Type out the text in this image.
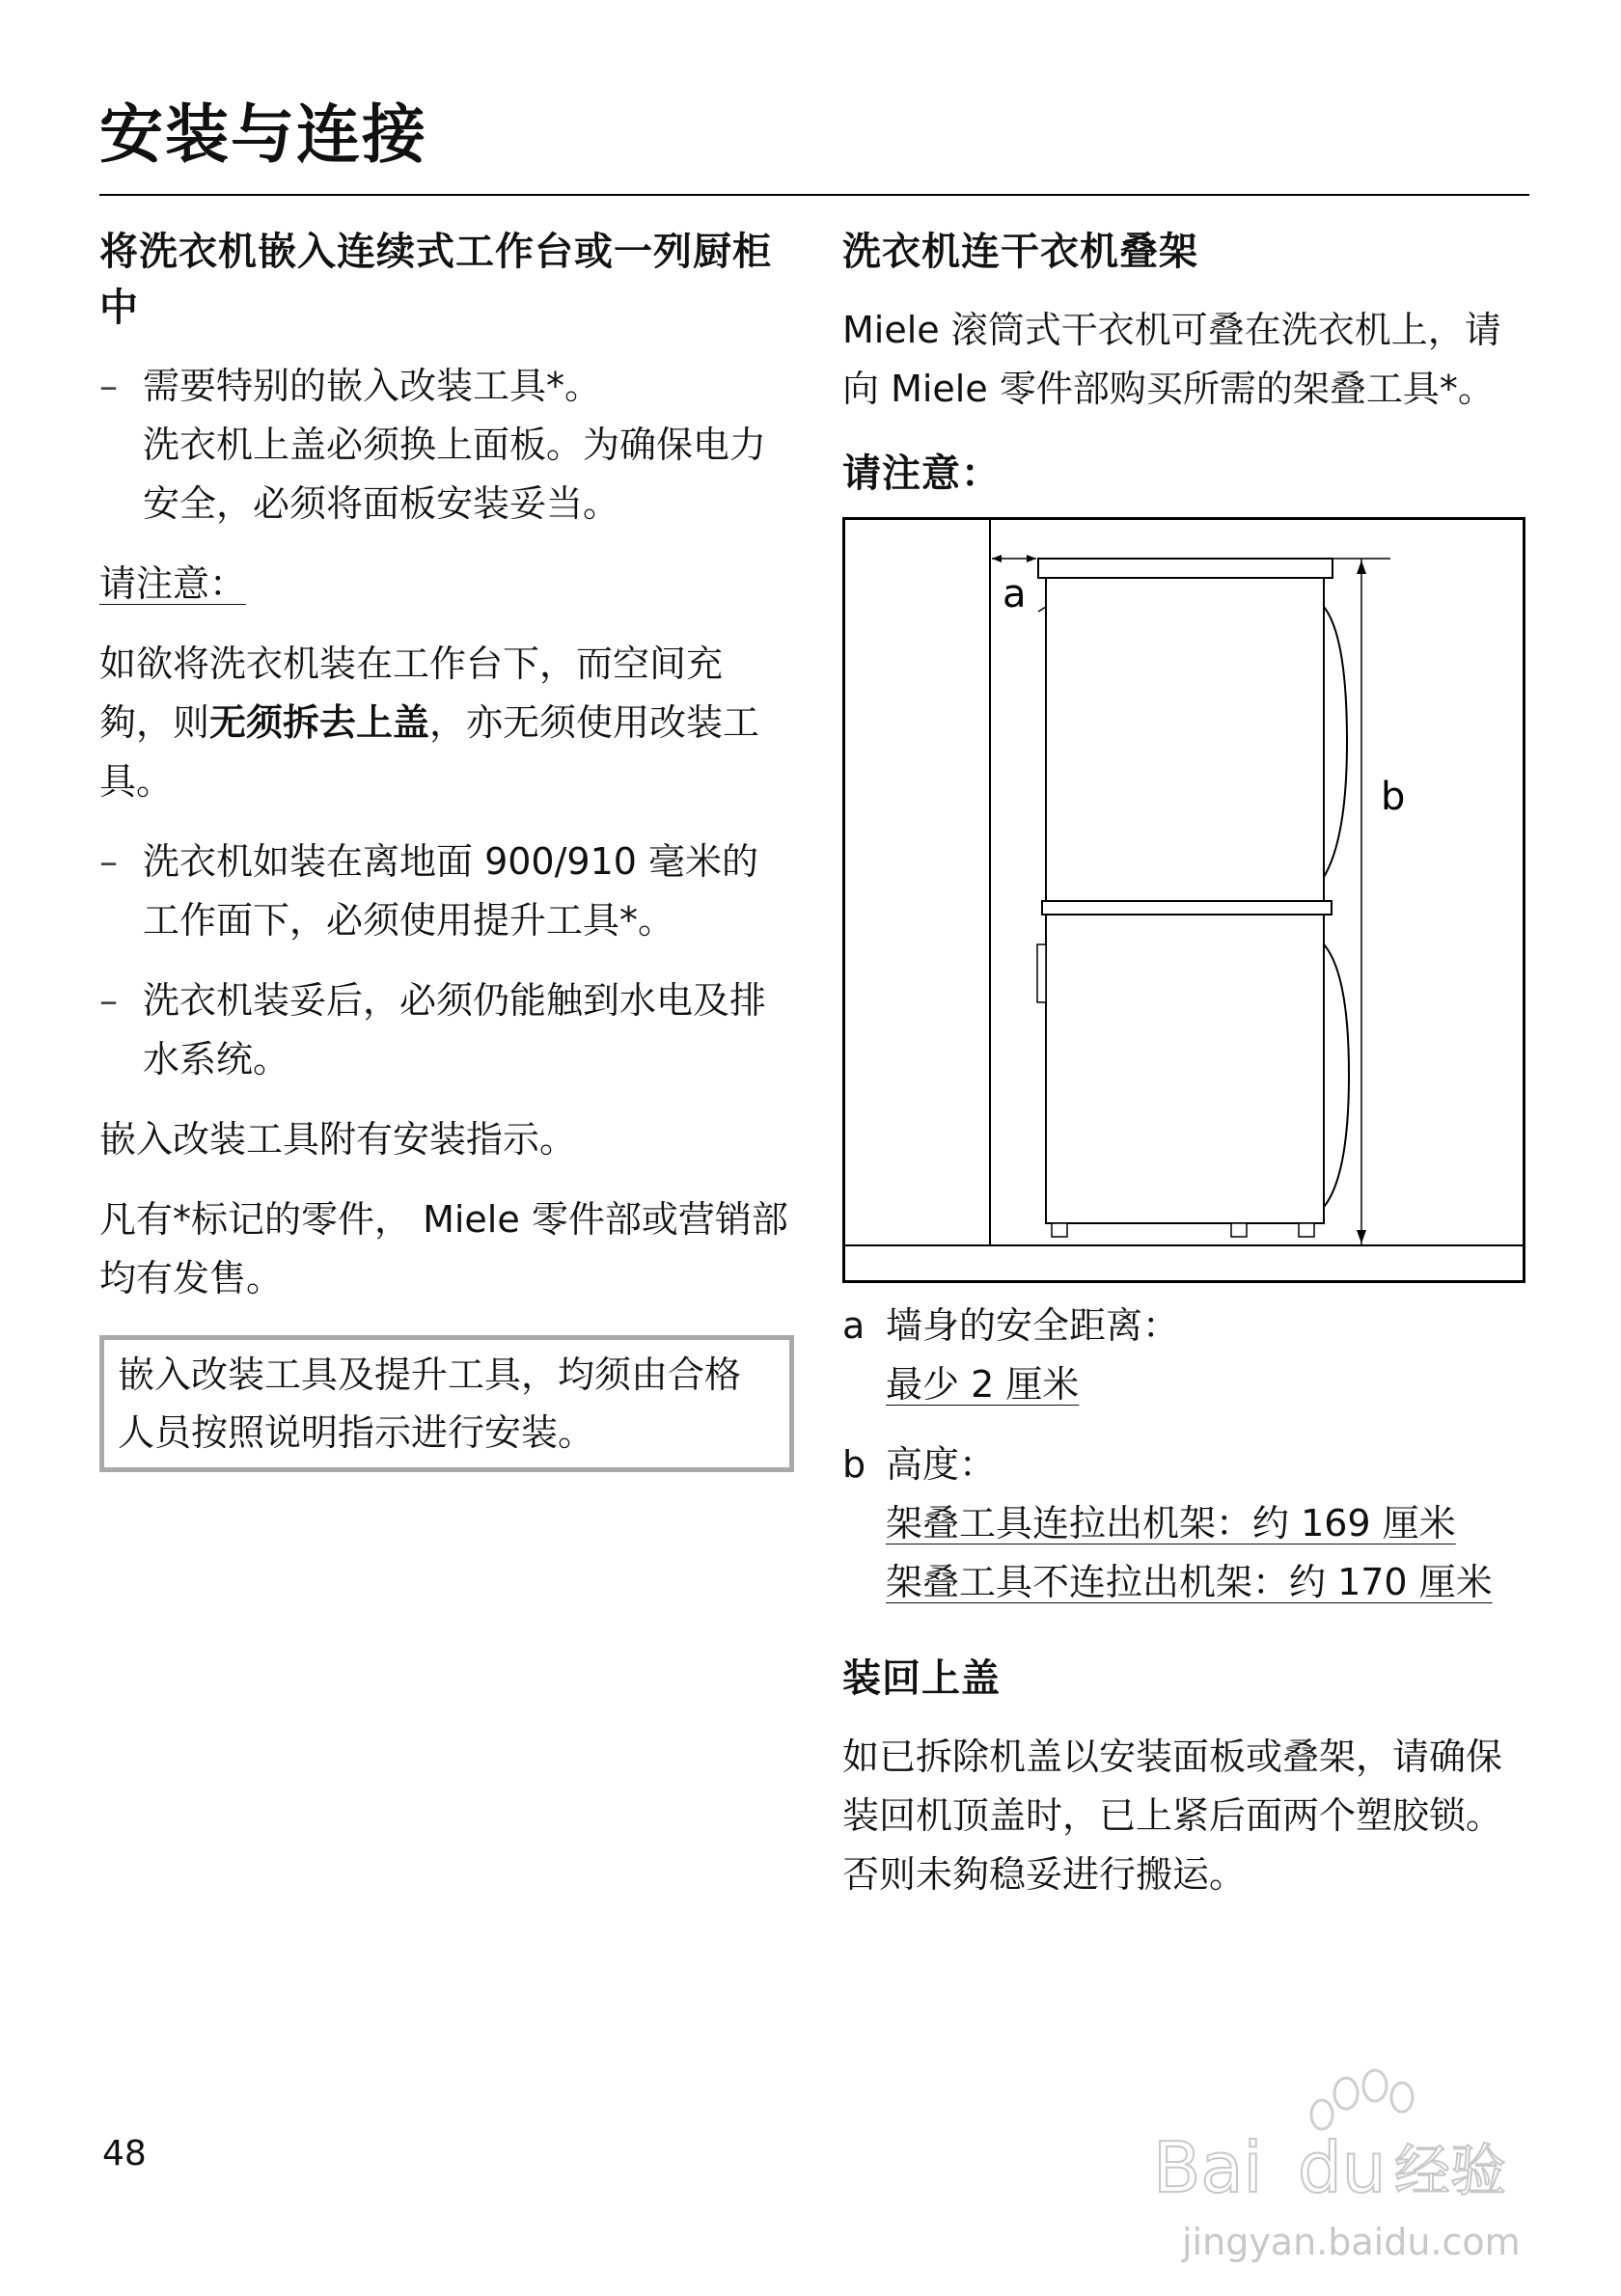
安装与连接
将洗衣机嵌入连续式工作台或一列厨柜中
– 需要特别的嵌入改装工具*。
洗衣机上盖必须换上面板。为确保电力安全，必须将面板安装妥当。

请注意：

如欲将洗衣机装在工作台下，而空间充夠，则无须拆去上盖，亦无须使用改装工具。

– 洗衣机如装在离地面 900/910 毫米的工作面下，必须使用提升工具*。
– 洗衣机装妥后，必须仍能触到水电及排水系统。

嵌入改装工具附有安装指示。

凡有*标记的零件， Miele 零件部或营销部均有发售。

嵌入改装工具及提升工具，均须由合格人员按照说明指示进行安装。
洗衣机连干衣机叠架

Miele 滚筒式干衣机可叠在洗衣机上，请向 Miele 零件部购买所需的架叠工具*。

请注意：
a
b
a 墙身的安全距离：
最少 2 厘米
b 高度：
架叠工具连拉出机架：约 169 厘米
架叠工具不连拉出机架：约 170 厘米
装回上盖

如已拆除机盖以安装面板或叠架，请确保装回机顶盖时，已上紧后面两个塑胶锁。否则未夠稳妥进行搬运。

48	Bai du 经验
jingyan.baidu.com
